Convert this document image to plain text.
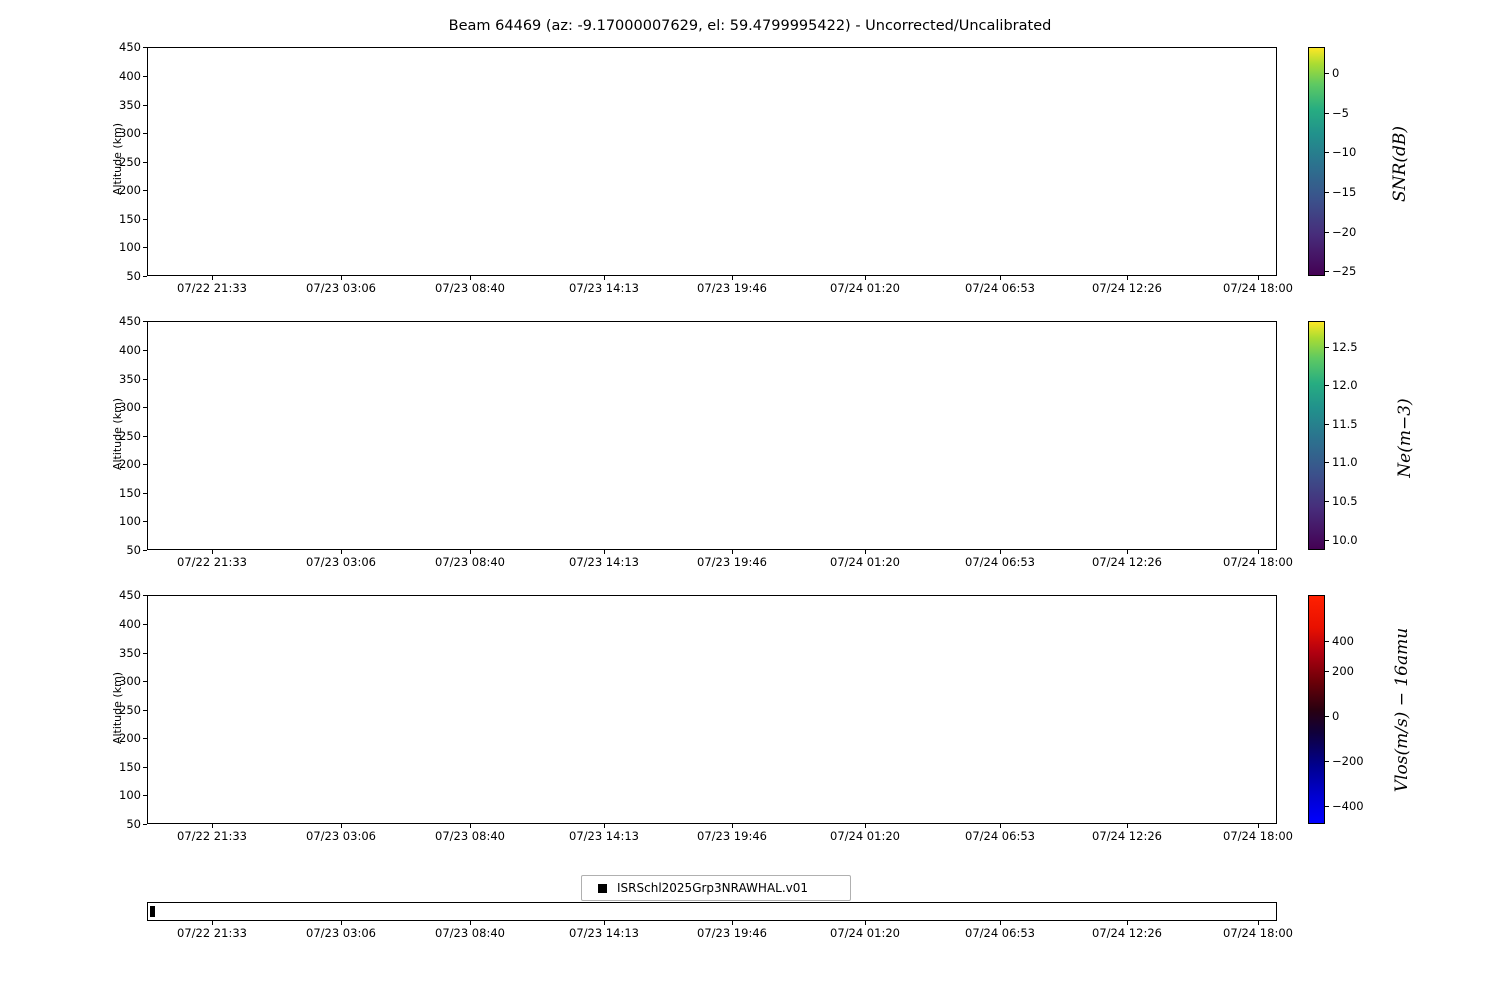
Beam 64469 (az: -9.17000007629, el: 59.4799995422) - Uncorrected/Uncalibrated
Altitude (km)
450
400
350
300
250
200
150
100
50
07/22 21:33	07/23 03:06	07/23 08:40	07/23 14:13	07/23 19:46	07/24 01:20	07/24 06:53	07/24 12:26	07/24 18:00
0
−5
−10
−15
−20
−25
SNR(dB)
Altitude (km)
450
400
350
300
250
200
150
100
50
07/22 21:33	07/23 03:06	07/23 08:40	07/23 14:13	07/23 19:46	07/24 01:20	07/24 06:53	07/24 12:26	07/24 18:00
12.5
12.0
11.5
11.0
10.5
10.0
Ne(m−3)
Altitude (km)
450
400
350
300
250
200
150
100
50
07/22 21:33	07/23 03:06	07/23 08:40	07/23 14:13	07/23 19:46	07/24 01:20	07/24 06:53	07/24 12:26	07/24 18:00
400
200
0
−200
−400
Vlos(m/s) − 16amu
ISRSchl2025Grp3NRAWHAL.v01
07/22 21:33	07/23 03:06	07/23 08:40	07/23 14:13	07/23 19:46	07/24 01:20	07/24 06:53	07/24 12:26	07/24 18:00
